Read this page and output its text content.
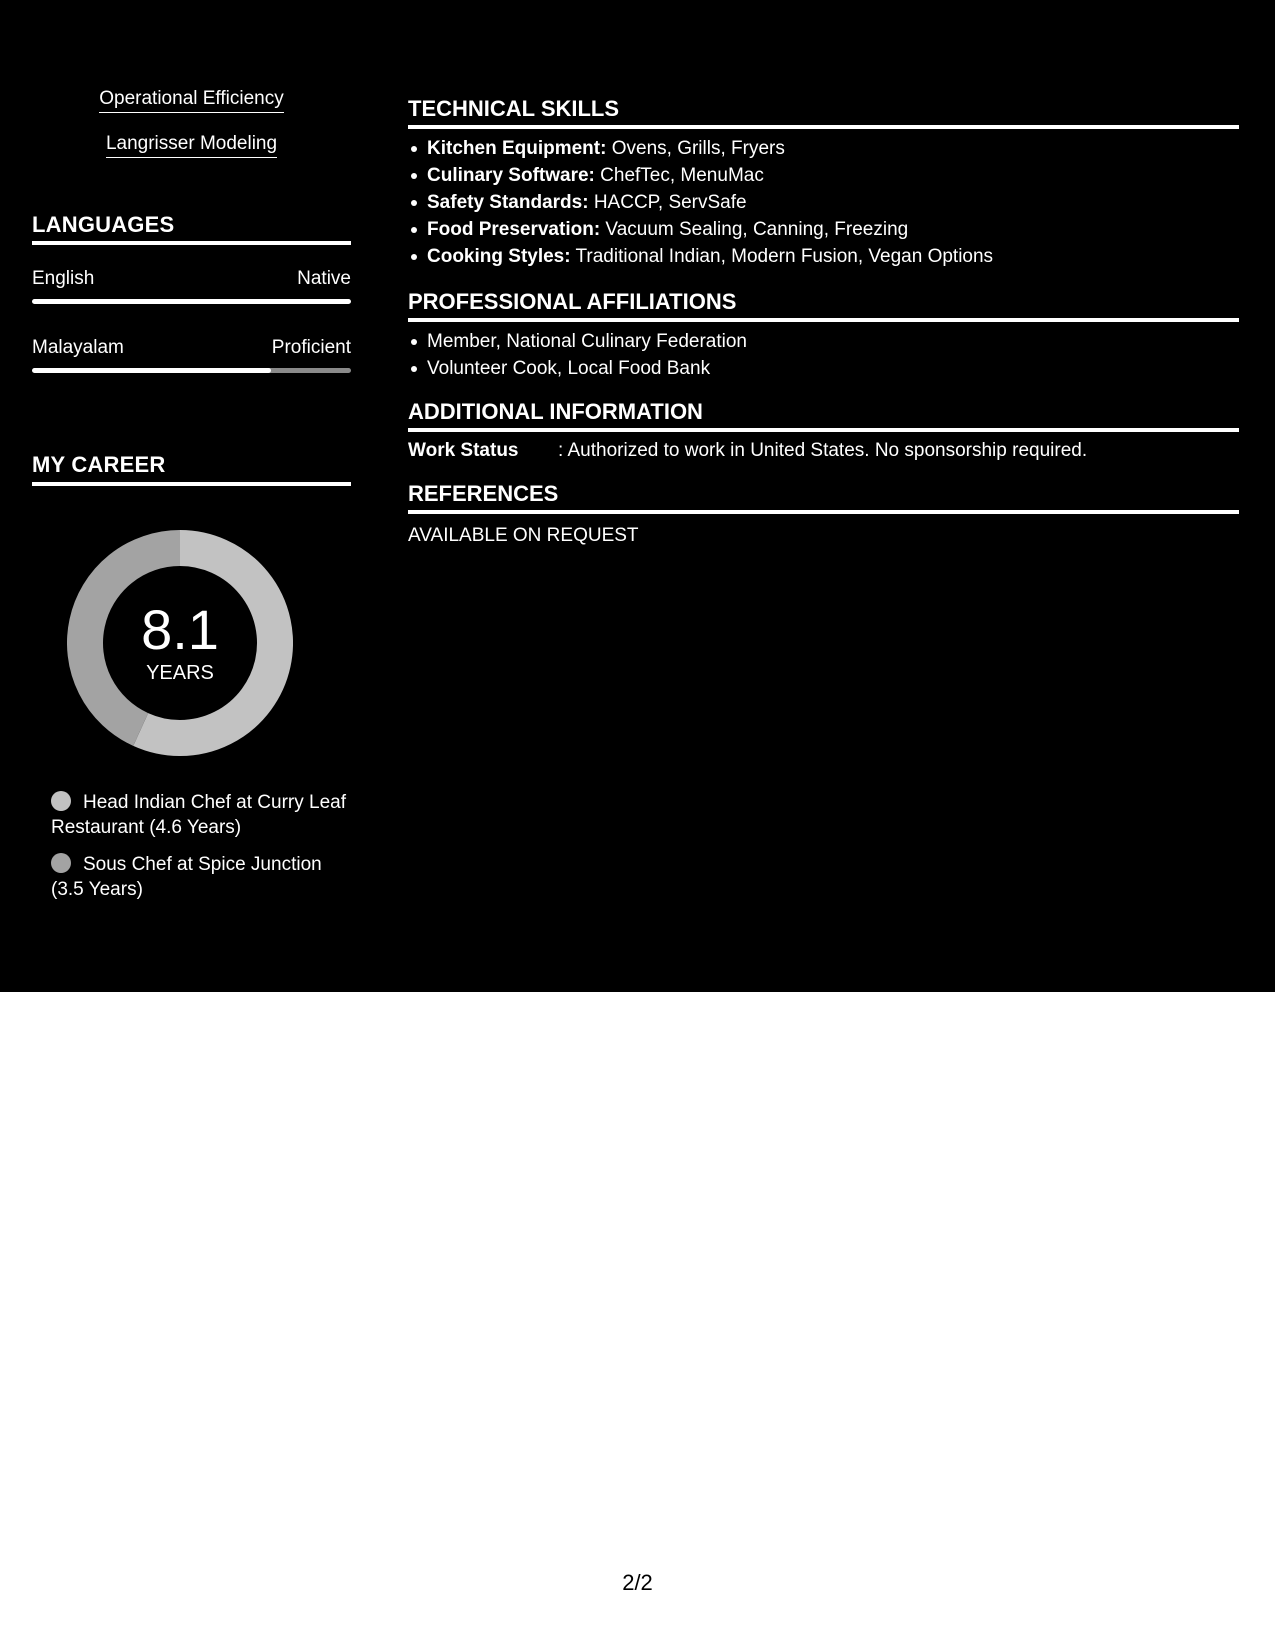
Operational Efficiency
Langrisser Modeling
LANGUAGES
English	Native
Malayalam	Proficient
MY CAREER
8.1
YEARS
Head Indian Chef at Curry Leaf Restaurant (4.6 Years)
Sous Chef at Spice Junction (3.5 Years)
TECHNICAL SKILLS
Kitchen Equipment: Ovens, Grills, Fryers
Culinary Software: ChefTec, MenuMac
Safety Standards: HACCP, ServSafe
Food Preservation: Vacuum Sealing, Canning, Freezing
Cooking Styles: Traditional Indian, Modern Fusion, Vegan Options
PROFESSIONAL AFFILIATIONS
Member, National Culinary Federation
Volunteer Cook, Local Food Bank
ADDITIONAL INFORMATION
Work Status	: Authorized to work in United States. No sponsorship required.
REFERENCES
AVAILABLE ON REQUEST
2/2
